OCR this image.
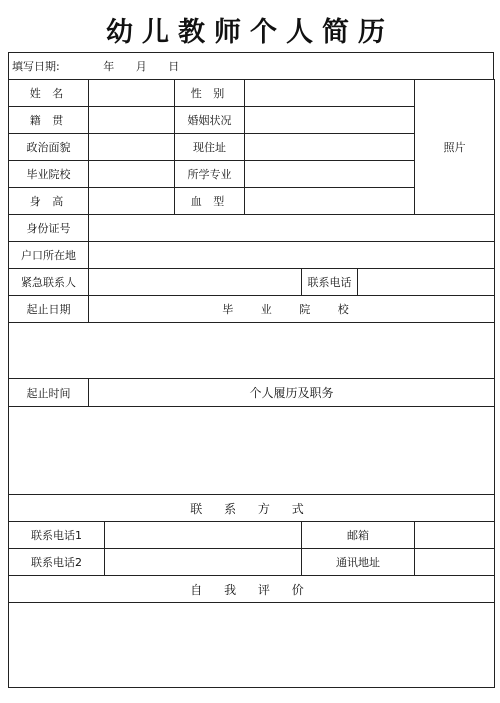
幼儿教师个人简历
填写日期:	年 月 日
姓 名			性 别				照片
籍 贯			婚姻状况				
政治面貌			现住址				
毕业院校			所学专业				
身 高			血 型				
身份证号							
户口所在地							
紧急联系人					联系电话		
起止日期	毕 业 院 校						

起止时间	个人履历及职务						

联 系 方 式							
联系电话1					邮箱		
联系电话2					通讯地址		
自 我 评 价							
